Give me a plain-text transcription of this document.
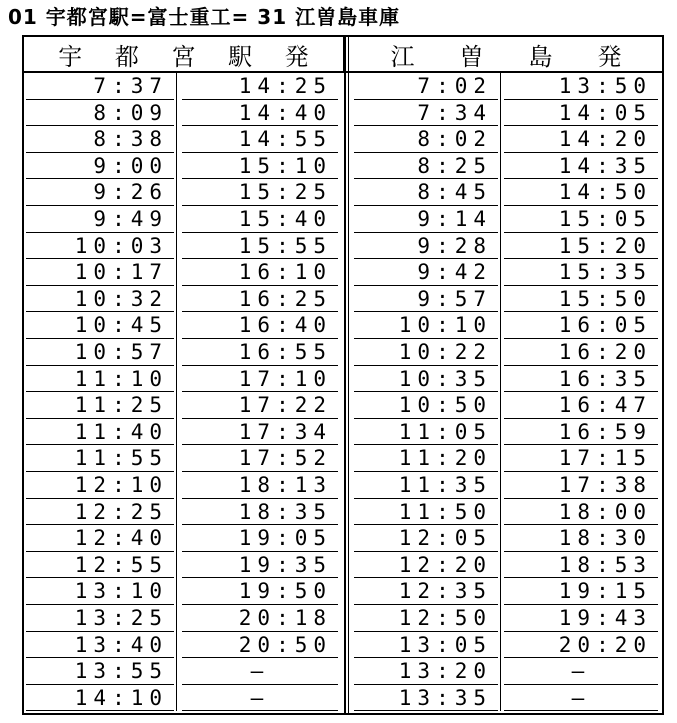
01 宇都宮駅=富士重工= 31 江曽島車庫
宇 都 宮 駅 発	江 曽 島 発
7:37
8:09
8:38
9:00
9:26
9:49
10:03
10:17
10:32
10:45
10:57
11:10
11:25
11:40
11:55
12:10
12:25
12:40
12:55
13:10
13:25
13:40
13:55
14:10
14:25
14:40
14:55
15:10
15:25
15:40
15:55
16:10
16:25
16:40
16:55
17:10
17:22
17:34
17:52
18:13
18:35
19:05
19:35
19:50
20:18
20:50
—
—
7:02
7:34
8:02
8:25
8:45
9:14
9:28
9:42
9:57
10:10
10:22
10:35
10:50
11:05
11:20
11:35
11:50
12:05
12:20
12:35
12:50
13:05
13:20
13:35
13:50
14:05
14:20
14:35
14:50
15:05
15:20
15:35
15:50
16:05
16:20
16:35
16:47
16:59
17:15
17:38
18:00
18:30
18:53
19:15
19:43
20:20
—
—
